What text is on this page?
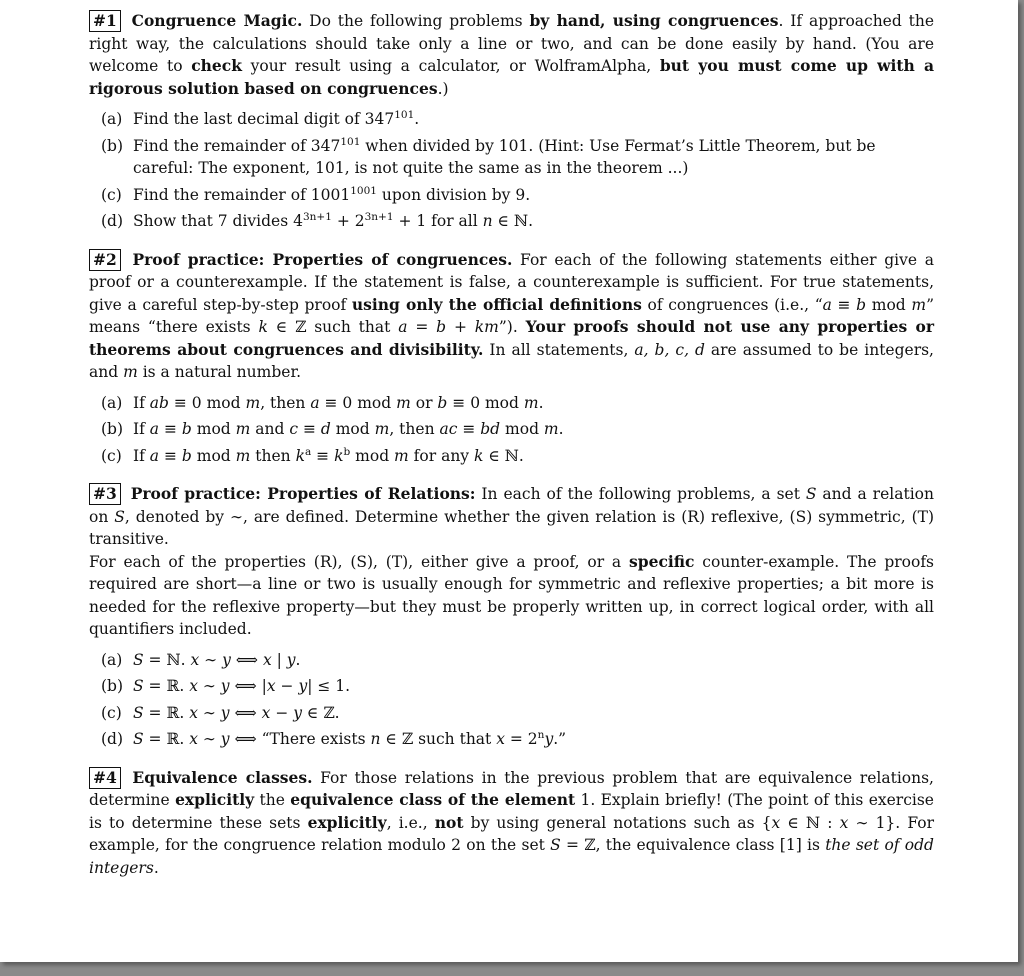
#1 Congruence Magic. Do the following problems by hand, using congruences. If approached the right way, the calculations should take only a line or two, and can be done easily by hand. (You are welcome to check your result using a calculator, or WolframAlpha, but you must come up with a rigorous solution based on congruences.)

(a) Find the last decimal digit of $347^{101}$.
(b) Find the remainder of $347^{101}$ when divided by 101. (Hint: Use Fermat’s Little Theorem, but be careful: The exponent, 101, is not quite the same as in the theorem ...)
(c) Find the remainder of $1001^{1001}$ upon division by 9.
(d) Show that 7 divides $4^{3n+1} + 2^{3n+1} + 1$ for all n ∈ ℕ.

#2 Proof practice: Properties of congruences. For each of the following statements either give a proof or a counterexample. If the statement is false, a counterexample is sufficient. For true statements, give a careful step-by-step proof using only the official definitions of congruences (i.e., “a ≡ b mod m” means “there exists k ∈ ℤ such that a = b + km”). Your proofs should not use any properties or theorems about congruences and divisibility. In all statements, a, b, c, d are assumed to be integers, and m is a natural number.

(a) If ab ≡ 0 mod m, then a ≡ 0 mod m or b ≡ 0 mod m.
(b) If a ≡ b mod m and c ≡ d mod m, then ac ≡ bd mod m.
(c) If a ≡ b mod m then $k^a \equiv k^b$ mod m for any k ∈ ℕ.

#3 Proof practice: Properties of Relations: In each of the following problems, a set S and a relation on S, denoted by ∼, are defined. Determine whether the given relation is (R) reflexive, (S) symmetric, (T) transitive.

For each of the properties (R), (S), (T), either give a proof, or a specific counter-example. The proofs required are short—a line or two is usually enough for symmetric and reflexive properties; a bit more is needed for the reflexive property—but they must be properly written up, in correct logical order, with all quantifiers included.

(a) S = ℕ. x ∼ y ⟺ x | y.
(b) S = ℝ. x ∼ y ⟺ |x − y| ≤ 1.
(c) S = ℝ. x ∼ y ⟺ x − y ∈ ℤ.
(d) S = ℝ. x ∼ y ⟺ “There exists n ∈ ℤ such that $x = 2^ny$.”

#4 Equivalence classes. For those relations in the previous problem that are equivalence relations, determine explicitly the equivalence class of the element 1. Explain briefly! (The point of this exercise is to determine these sets explicitly, i.e., not by using general notations such as {x ∈ ℕ : x ∼ 1}. For example, for the congruence relation modulo 2 on the set S = ℤ, the equivalence class [1] is the set of odd integers.
